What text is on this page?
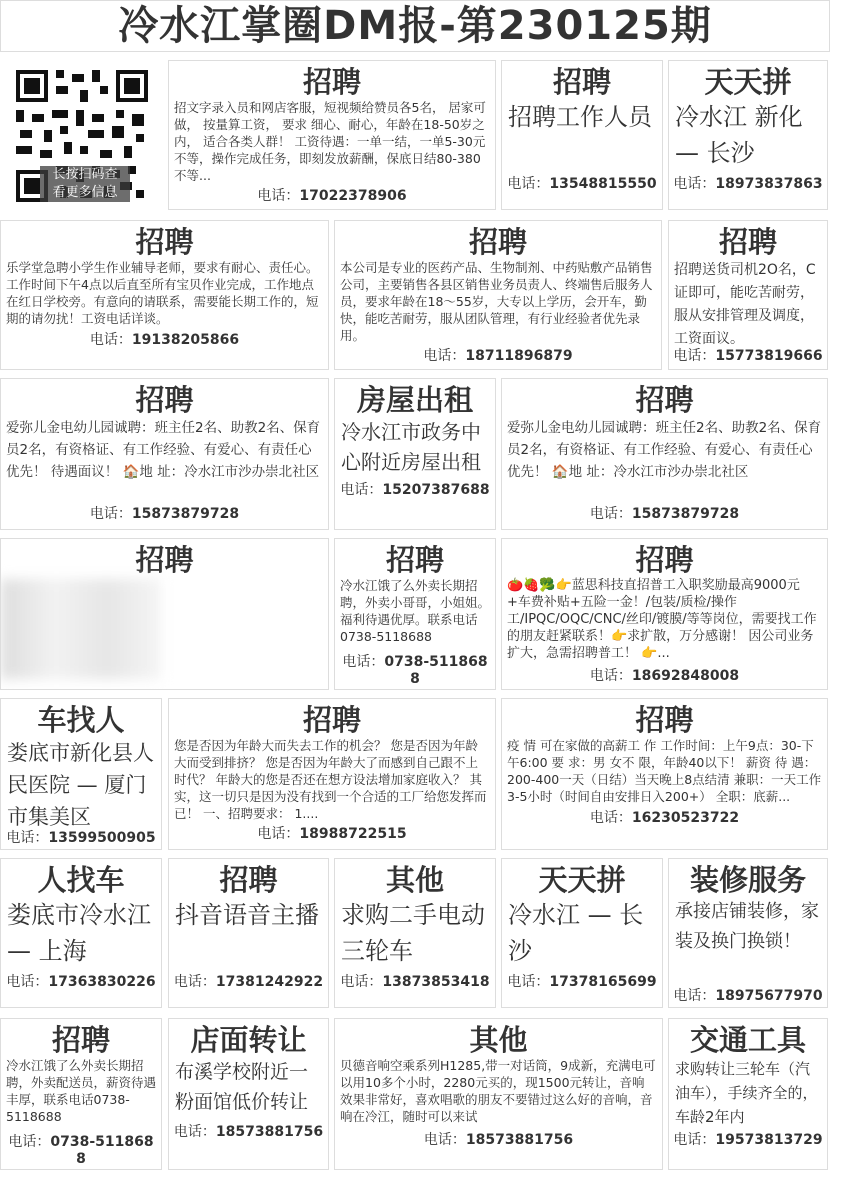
冷水江掌圈DM报-第230125期
长按扫码查
看更多信息
招聘
招文字录入员和网店客服，短视频给赞员各5名， 居家可做， 按量算工资， 要求 细心、耐心，年龄在18-50岁之内， 适合各类人群！ 工资待遇：一单一结，一单5-30元不等，操作完成任务，即刻发放薪酬，保底日结80-380不等...
电话：17022378906
招聘
招聘工作人员
电话：13548815550
天天拼
冷水江 新化 — 长沙
电话：18973837863
招聘
乐学堂急聘小学生作业辅导老师，要求有耐心、责任心。工作时间下午4点以后直至所有宝贝作业完成，工作地点在红日学校旁。有意向的请联系，需要能长期工作的，短期的请勿扰！工资电话详谈。
电话：19138205866
招聘
本公司是专业的医药产品、生物制剂、中药贴敷产品销售公司，主要销售各县区销售业务员责人、终端售后服务人员，要求年龄在18～55岁，大专以上学历，会开车，勤快，能吃苦耐劳，服从团队管理，有行业经验者优先录用。
电话：18711896879
招聘
招聘送货司机2O名，C证即可，能吃苦耐劳，服从安排管理及调度，工资面议。
电话：15773819666
招聘
爱弥儿金电幼儿园诚聘：班主任2名、助教2名、保育员2名，有资格证、有工作经验、有爱心、有责任心优先！ 待遇面议！ 🏠地 址：冷水江市沙办崇北社区
电话：15873879728
房屋出租
冷水江市政务中心附近房屋出租
电话：15207387688
招聘
爱弥儿金电幼儿园诚聘：班主任2名、助教2名、保育员2名，有资格证、有工作经验、有爱心、有责任心优先！ 🏠地 址：冷水江市沙办崇北社区
电话：15873879728
招聘	招聘
冷水江饿了么外卖长期招聘，外卖小哥哥，小姐姐。福利待遇优厚。联系电话0738-5118688
电话：0738-5118688
招聘
🍅🍓🥦👉蓝思科技直招普工入职奖励最高9000元+车费补贴+五险一金！/包装/质检/操作工/IPQC/OQC/CNC/丝印/镀膜/等等岗位，需要找工作的朋友赶紧联系！👉求扩散，万分感谢！ 因公司业务扩大，急需招聘普工！ 👉...
电话：18692848008
车找人
娄底市新化县人民医院 — 厦门市集美区
电话：13599500905
招聘
您是否因为年龄大而失去工作的机会？ 您是否因为年龄大而受到排挤？ 您是否因为年龄大了而感到自己跟不上时代？ 年龄大的您是否还在想方设法增加家庭收入？ 其实，这一切只是因为没有找到一个合适的工厂给您发挥而已！ 一、招聘要求： 1....
电话：18988722515
招聘
疫 情 可在家做的高薪工 作 工作时间：上午9点：30-下午6:00 要 求：男 女不 限，年龄40以下！ 薪资 待 遇：200-400一天（日结）当天晚上8点结清 兼职：一天工作3-5小时（时间自由安排日入200+） 全职：底薪...
电话：16230523722
人找车
娄底市冷水江 — 上海
电话：17363830226
招聘
抖音语音主播
电话：17381242922
其他
求购二手电动三轮车
电话：13873853418
天天拼
冷水江 — 长沙
电话：17378165699
装修服务
承接店铺装修，家装及换门换锁！
电话：18975677970
招聘
冷水江饿了么外卖长期招聘，外卖配送员，薪资待遇丰厚，联系电话0738-5118688
电话：0738-5118688
店面转让
布溪学校附近一粉面馆低价转让
电话：18573881756
其他
贝德音响空乘系列H1285,带一对话筒，9成新，充满电可以用10多个小时，2280元买的，现1500元转让，音响效果非常好，喜欢唱歌的朋友不要错过这么好的音响，音响在冷江，随时可以来试
电话：18573881756
交通工具
求购转让三轮车（汽油车），手续齐全的，车龄2年内
电话：19573813729
